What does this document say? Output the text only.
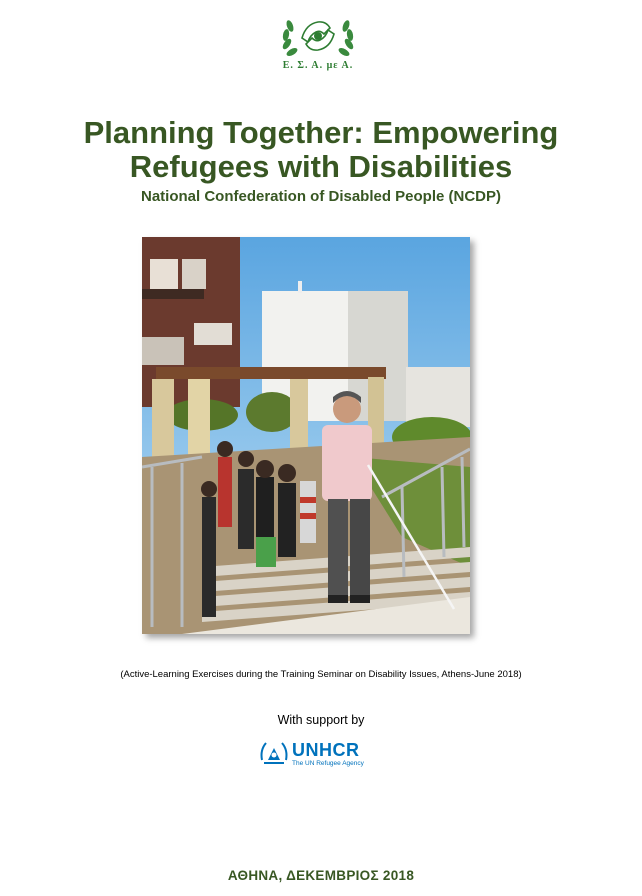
Ε. Σ. Α. με Α.
Planning Together: Empowering
Refugees with Disabilities
National Confederation of Disabled People (NCDP)
(Active-Learning Exercises during the Training Seminar on Disability Issues, Athens-June 2018)
With support by
UNHCR
The UN Refugee Agency
ΑΘΗΝΑ, ΔΕΚΕΜΒΡΙΟΣ 2018
